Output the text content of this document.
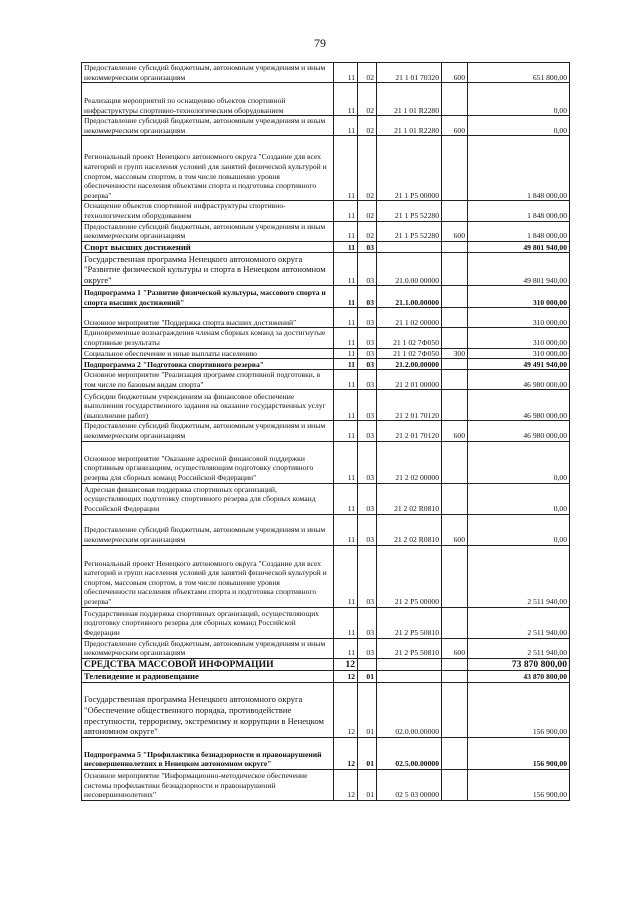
79
Предоставление субсидий бюджетным, автономным учреждениям и иным некоммерческим организациям	11	02	21 1 01 70320	600	651 800,00
Реализация мероприятий по оснащению объектов спортивной инфраструктуры спортивно-технологическим оборудованием	11	02	21 1 01 R2280		0,00
Предоставление субсидий бюджетным, автономным учреждениям и иным некоммерческим организациям	11	02	21 1 01 R2280	600	0,00
Региональный проект Ненецкого автономного округа "Создание для всех категорий и групп населения условий для занятий физической культурой и спортом, массовым спортом, в том числе повышение уровня обеспеченности населения объектами спорта и подготовка спортивного резерва"	11	02	21 1 P5 00000		1 848 000,00
Оснащение объектов спортивной инфраструктуры спортивно-технологическим оборудованием	11	02	21 1 P5 52280		1 848 000,00
Предоставление субсидий бюджетным, автономным учреждениям и иным некоммерческим организациям	11	02	21 1 P5 52280	600	1 848 000,00
Спорт высших достижений	11	03			49 801 940,00
Государственная программа Ненецкого автономного округа "Развитие физической культуры и спорта в Ненецком автономном округе"	11	03	21.0.00 00000		49 801 940,00
Подпрограмма 1 "Развитие физической культуры, массового спорта и спорта высших достижений"	11	03	21.1.00.00000		310 000,00
Основное мероприятие "Поддержка спорта высших достижений"	11	03	21 1 02 00000		310 000,00
Единовременные вознаграждения членам сборных команд за достигнутые спортивные результаты	11	03	21 1 02 7Ф050		310 000,00
Социальное обеспечение и иные выплаты населению	11	03	21 1 02 7Ф050	300	310 000,00
Подпрограмма 2 "Подготовка спортивного резерва"	11	03	21.2.00.00000		49 491 940,00
Основное мероприятие "Реализация программ спортивной подготовки, в том числе по базовым видам спорта"	11	03	21 2 01 00000		46 980 000,00
Субсидии бюджетным учреждениям на финансовое обеспечение выполнения государственного задания на оказание государственных услуг (выполнение работ)	11	03	21 2 01 70120		46 980 000,00
Предоставление субсидий бюджетным, автономным учреждениям и иным некоммерческим организациям	11	03	21 2 01 70120	600	46 980 000,00
Основное мероприятие "Оказание адресной финансовой поддержки спортивным организациям, осуществляющим подготовку спортивного резерва для сборных команд Российской Федерации"	11	03	21 2 02 00000		0,00
Адресная финансовая поддержка спортивных организаций, осуществляющих подготовку спортивного резерва для сборных команд Российской Федерации	11	03	21 2 02 R0810		0,00
Предоставление субсидий бюджетным, автономным учреждениям и иным некоммерческим организациям	11	03	21 2 02 R0810	600	0,00
Региональный проект Ненецкого автономного округа "Создание для всех категорий и групп населения условий для занятий физической культурой и спортом, массовым спортом, в том числе повышение уровня обеспеченности населения объектами спорта и подготовка спортивного резерва"	11	03	21 2 P5 00000		2 511 940,00
Государственная поддержка спортивных организаций, осуществляющих подготовку спортивного резерва для сборных команд Российской Федерации	11	03	21 2 P5 50810		2 511 940,00
Предоставление субсидий бюджетным, автономным учреждениям и иным некоммерческим организациям	11	03	21 2 P5 50810	600	2 511 940,00
СРЕДСТВА МАССОВОЙ ИНФОРМАЦИИ	12				73 870 800,00
Телевидение и радиовещание	12	01			43 870 800,00
Государственная программа Ненецкого автономного округа "Обеспечение общественного порядка, противодействие преступности, терроризму, экстремизму и коррупции в Ненецком автономном округе"	12	01	02.0.00.00000		156 900,00
Подпрограмма 5 "Профилактика безнадзорности и правонарушений несовершеннолетних в Ненецком автономном округе"	12	01	02.5.00.00000		156 900,00
Основное мероприятие "Информационно-методическое обеспечение системы профилактики безнадзорности и правонарушений несовершеннолетних"	12	01	02 5 03 00000		156 900,00
